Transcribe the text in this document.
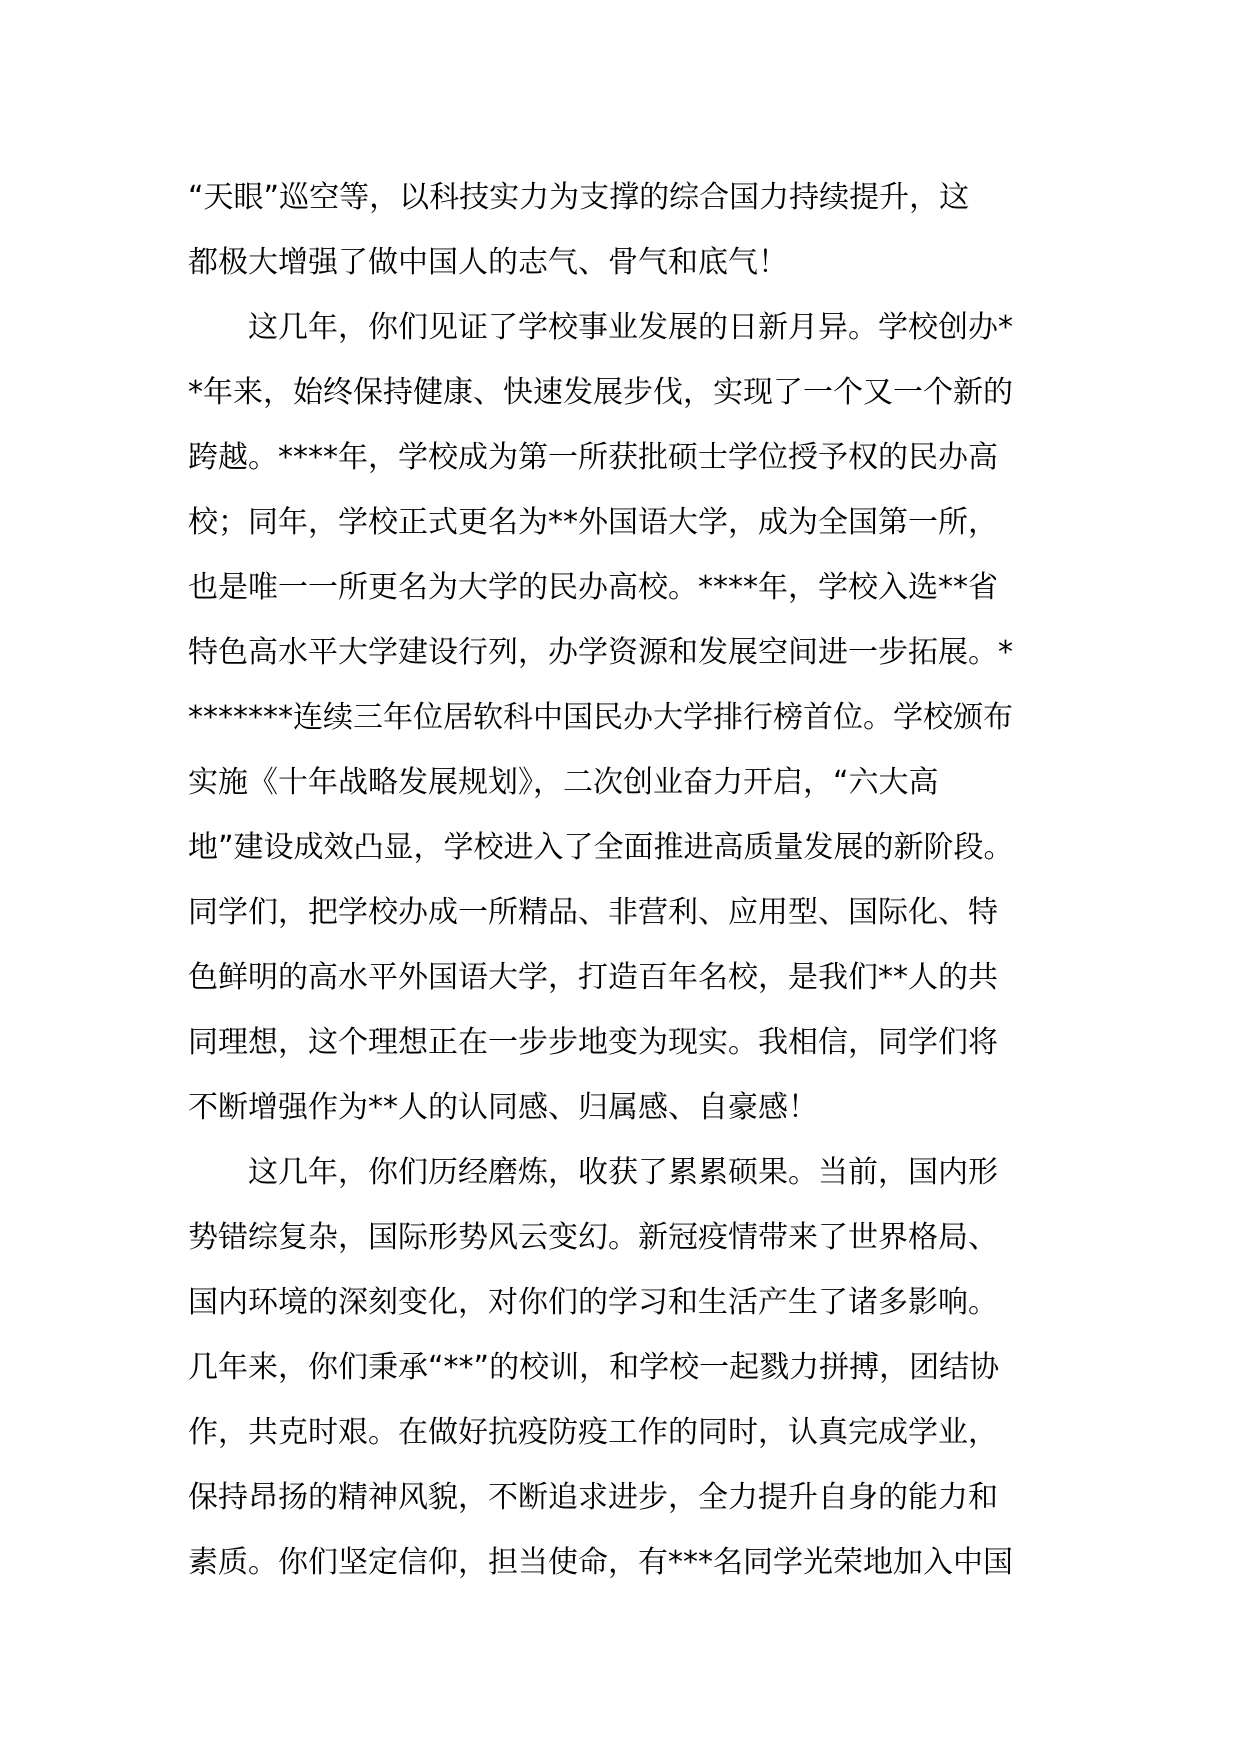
“天眼”巡空等，以科技实力为支撑的综合国力持续提升，这
都极大增强了做中国人的志气、骨气和底气！
这几年，你们见证了学校事业发展的日新月异。学校创办*
*年来，始终保持健康、快速发展步伐，实现了一个又一个新的
跨越。****年，学校成为第一所获批硕士学位授予权的民办高
校；同年，学校正式更名为**外国语大学，成为全国第一所，
也是唯一一所更名为大学的民办高校。****年，学校入选**省
特色高水平大学建设行列，办学资源和发展空间进一步拓展。*
*******连续三年位居软科中国民办大学排行榜首位。学校颁布
实施《十年战略发展规划》，二次创业奋力开启，“六大高
地”建设成效凸显，学校进入了全面推进高质量发展的新阶段。
同学们，把学校办成一所精品、非营利、应用型、国际化、特
色鲜明的高水平外国语大学，打造百年名校，是我们**人的共
同理想，这个理想正在一步步地变为现实。我相信，同学们将
不断增强作为**人的认同感、归属感、自豪感！
这几年，你们历经磨炼，收获了累累硕果。当前，国内形
势错综复杂，国际形势风云变幻。新冠疫情带来了世界格局、
国内环境的深刻变化，对你们的学习和生活产生了诸多影响。
几年来，你们秉承“**”的校训，和学校一起戮力拼搏，团结协
作，共克时艰。在做好抗疫防疫工作的同时，认真完成学业，
保持昂扬的精神风貌，不断追求进步，全力提升自身的能力和
素质。你们坚定信仰，担当使命，有***名同学光荣地加入中国
